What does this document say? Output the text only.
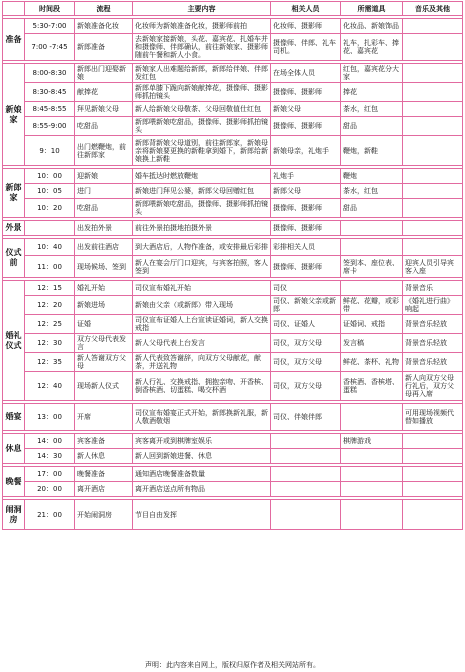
	时间段	流程	主要内容	相关人员	所需道具	音乐及其他

准备	5:30-7:00	新娘准备化妆	化妆师为新娘准备化妆，摄影师前拍	化妆师、摄影师	化妆品、新娘饰品	
	7:00 -7:45	新郎准备	去新娘家接新娘，头花、嘉宾花、扎婚车并和摄像师、伴郎确认，前往新娘家、摄影师随前午餐和新人小食。	摄像师、伴郎、礼车司机。	礼车，扎彩车、捧花、嘉宾花	

新娘家	8:00-8:30	新郎出门迎娶新娘	新娘家人出难题给新郎，新郎给伴娘、伴郎发红包	在场全体人员	红包，嘉宾花分大家	
	8:30-8:45	献捧花	新郎单膝下跪向新娘献捧花，摄像师、摄影师抓拍镜头	摄像师、摄影师	捧花	
	8:45-8:55	拜见新娘父母	新人给新娘父母敬茶、父母回敬值仕红包	新娘父母	茶水，红包	
	8:55-9:00	吃甜品	新郎喂新娘吃甜品，摄像师、摄影师抓拍镜头	摄像师、摄影师	甜品	
	9：10	出门燃鞭炮，前往新郎家	新郎背新娘父母道别，前往新郎家，新娘母亲将新娘要更换的新鞋拿到婚下，新郎给新娘换上新鞋	新娘母亲，礼炮手	鞭炮，新鞋	

新郎家	10：00	迎新娘	婚车抵达时燃放鞭炮	礼炮手	鞭炮	
	10：05	进门	新娘进门拜见公婆，新郎父母回赠红包	新郎父母	茶水，红包	
	10：20	吃甜品	新郎喂新娘吃甜品，摄像师、摄影师抓拍镜头	摄像师、摄影师	甜品	

外景		出发拍外景	前往外景拍摄地拍摄外景	摄像师、摄影师		

仪式前	10：40	出发前往酒店	到大酒店后，人物作准备，或安排最后彩排	彩排相关人员		
	11：00	现场候场、签到	新人在宴会厅门口迎宾，与宾客拍照，客人签到	摄像师、摄影师	签到本、座位表、席卡	迎宾人员引导宾客入座

婚礼仪式	12：15	婚礼开始	司仪宣布婚礼开始	司仪		背景音乐
	12：20	新娘进场	新娘由父亲（或新郎）带入现场	司仪、新娘父亲或新郎	鲜花、花瓣，或彩带	《婚礼进行曲》响起
	12：25	证婚	司仪宣布证婚人上台宣读证婚词，新人交换戒指	司仪、证婚人	证婚词、戒指	背景音乐轻放
	12：30	双方父母代表发言	新人父母代表上台发言	司仪，双方父母	发言稿	背景音乐轻放
	12：35	新人答谢双方父母	新人代表致答谢辞，向双方父母献花，献茶，并送礼物	司仪，双方父母	鲜花、茶杯、礼物	背景音乐轻放
	12：40	现场新人仪式	新人行礼、交换戒指、拥抱亲吻、开香槟、倒香槟酒、切蛋糕、喝交杯酒	司仪，双方父母	香槟酒、香槟塔、蛋糕	新人向双方父母行礼后，双方父母再入席

婚宴	13：00	开席	司仪宣布婚宴正式开始，新郎换新礼服，新人敬酒敬烟	司仪、伴娘伴郎		可用现场视频代替如播放

休息	14：00	宾客准备	宾客离开或到棋牌室娱乐		棋牌游戏	
	14：30	新人休息	新人回到新娘进餐、休息			

晚餐	17：00	晚餐准备	通知酒店晚餐准备数量			
	20：00	离开酒店	离开酒店送点所有物品			

闹洞房	21：00	开始闹洞房	节目自由发挥			
声明：此内容来自网上，版权归原作者及相关网站所有。
